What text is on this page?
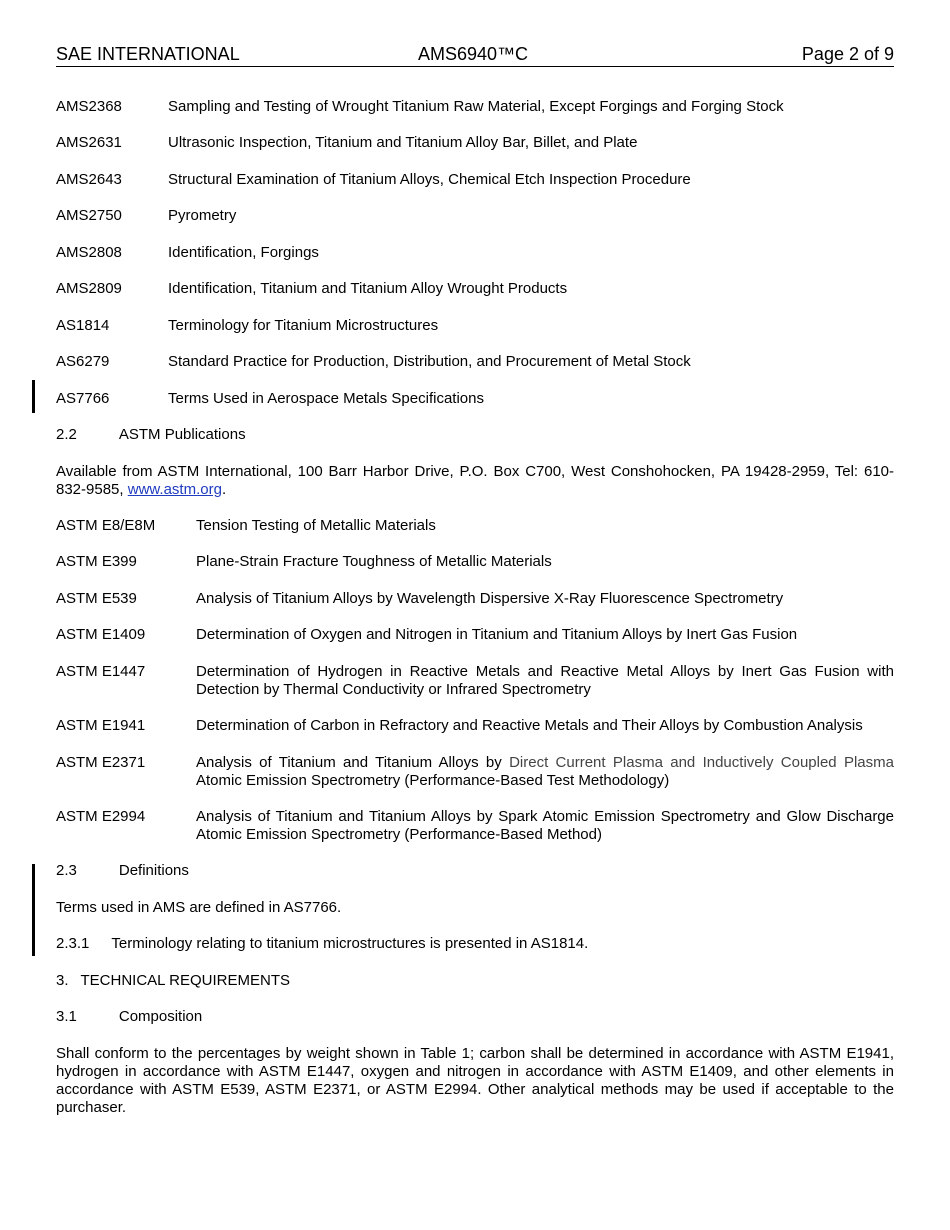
SAE INTERNATIONAL	AMS6940™C	Page 2 of 9
AMS2368	Sampling and Testing of Wrought Titanium Raw Material, Except Forgings and Forging Stock
AMS2631	Ultrasonic Inspection, Titanium and Titanium Alloy Bar, Billet, and Plate
AMS2643	Structural Examination of Titanium Alloys, Chemical Etch Inspection Procedure
AMS2750	Pyrometry
AMS2808	Identification, Forgings
AMS2809	Identification, Titanium and Titanium Alloy Wrought Products
AS1814	Terminology for Titanium Microstructures
AS6279	Standard Practice for Production, Distribution, and Procurement of Metal Stock
AS7766	Terms Used in Aerospace Metals Specifications
2.2	ASTM Publications
Available from ASTM International, 100 Barr Harbor Drive, P.O. Box C700, West Conshohocken, PA 19428-2959, Tel: 610-832-9585, www.astm.org.
ASTM E8/E8M	Tension Testing of Metallic Materials
ASTM E399	Plane-Strain Fracture Toughness of Metallic Materials
ASTM E539	Analysis of Titanium Alloys by Wavelength Dispersive X-Ray Fluorescence Spectrometry
ASTM E1409	Determination of Oxygen and Nitrogen in Titanium and Titanium Alloys by Inert Gas Fusion
ASTM E1447	Determination of Hydrogen in Reactive Metals and Reactive Metal Alloys by Inert Gas Fusion with Detection by Thermal Conductivity or Infrared Spectrometry
ASTM E1941	Determination of Carbon in Refractory and Reactive Metals and Their Alloys by Combustion Analysis
ASTM E2371	Analysis of Titanium and Titanium Alloys by Direct Current Plasma and Inductively Coupled Plasma Atomic Emission Spectrometry (Performance-Based Test Methodology)
ASTM E2994	Analysis of Titanium and Titanium Alloys by Spark Atomic Emission Spectrometry and Glow Discharge Atomic Emission Spectrometry (Performance-Based Method)
2.3	Definitions
Terms used in AMS are defined in AS7766.
2.3.1 Terminology relating to titanium microstructures is presented in AS1814.
3. TECHNICAL REQUIREMENTS
3.1	Composition
Shall conform to the percentages by weight shown in Table 1; carbon shall be determined in accordance with ASTM E1941, hydrogen in accordance with ASTM E1447, oxygen and nitrogen in accordance with ASTM E1409, and other elements in accordance with ASTM E539, ASTM E2371, or ASTM E2994. Other analytical methods may be used if acceptable to the purchaser.
